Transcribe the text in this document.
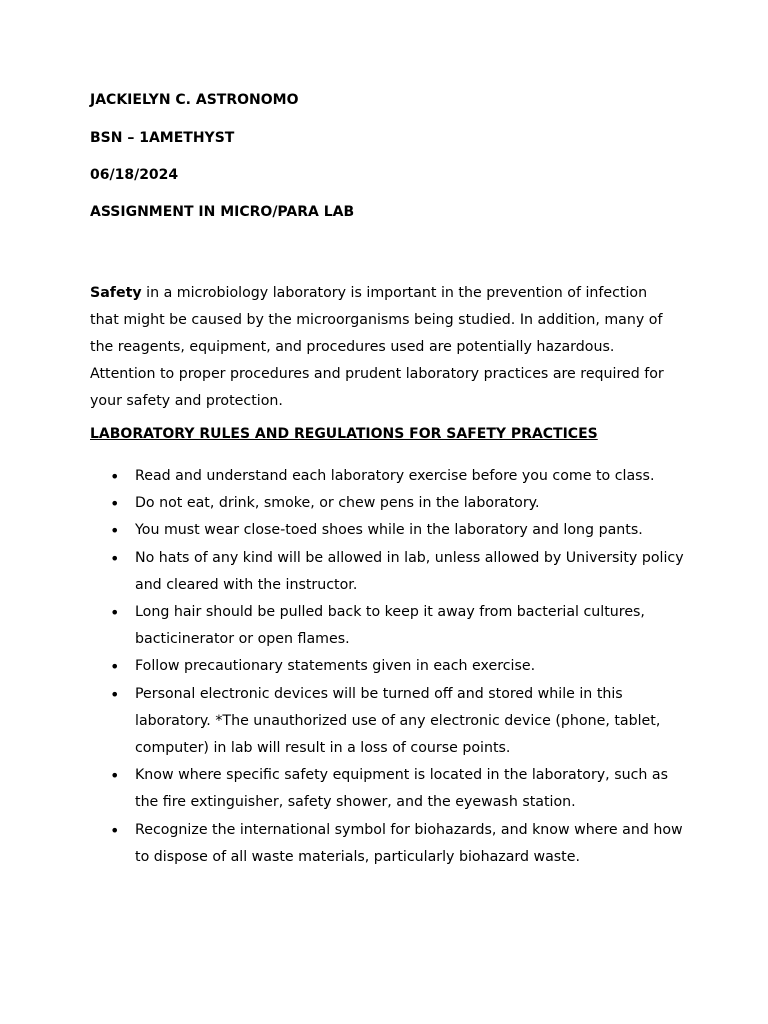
JACKIELYN C. ASTRONOMO
BSN – 1AMETHYST
06/18/2024
ASSIGNMENT IN MICRO/PARA LAB

Safety in a microbiology laboratory is important in the prevention of infection that might be caused by the microorganisms being studied. In addition, many of the reagents, equipment, and procedures used are potentially hazardous. Attention to proper procedures and prudent laboratory practices are required for your safety and protection.

LABORATORY RULES AND REGULATIONS FOR SAFETY PRACTICES
• Read and understand each laboratory exercise before you come to class.
• Do not eat, drink, smoke, or chew pens in the laboratory.
• You must wear close-toed shoes while in the laboratory and long pants.
• No hats of any kind will be allowed in lab, unless allowed by University policy and cleared with the instructor.
• Long hair should be pulled back to keep it away from bacterial cultures, bacticinerator or open flames.
• Follow precautionary statements given in each exercise.
• Personal electronic devices will be turned off and stored while in this laboratory. *The unauthorized use of any electronic device (phone, tablet, computer) in lab will result in a loss of course points.
• Know where specific safety equipment is located in the laboratory, such as the fire extinguisher, safety shower, and the eyewash station.
• Recognize the international symbol for biohazards, and know where and how to dispose of all waste materials, particularly biohazard waste.
